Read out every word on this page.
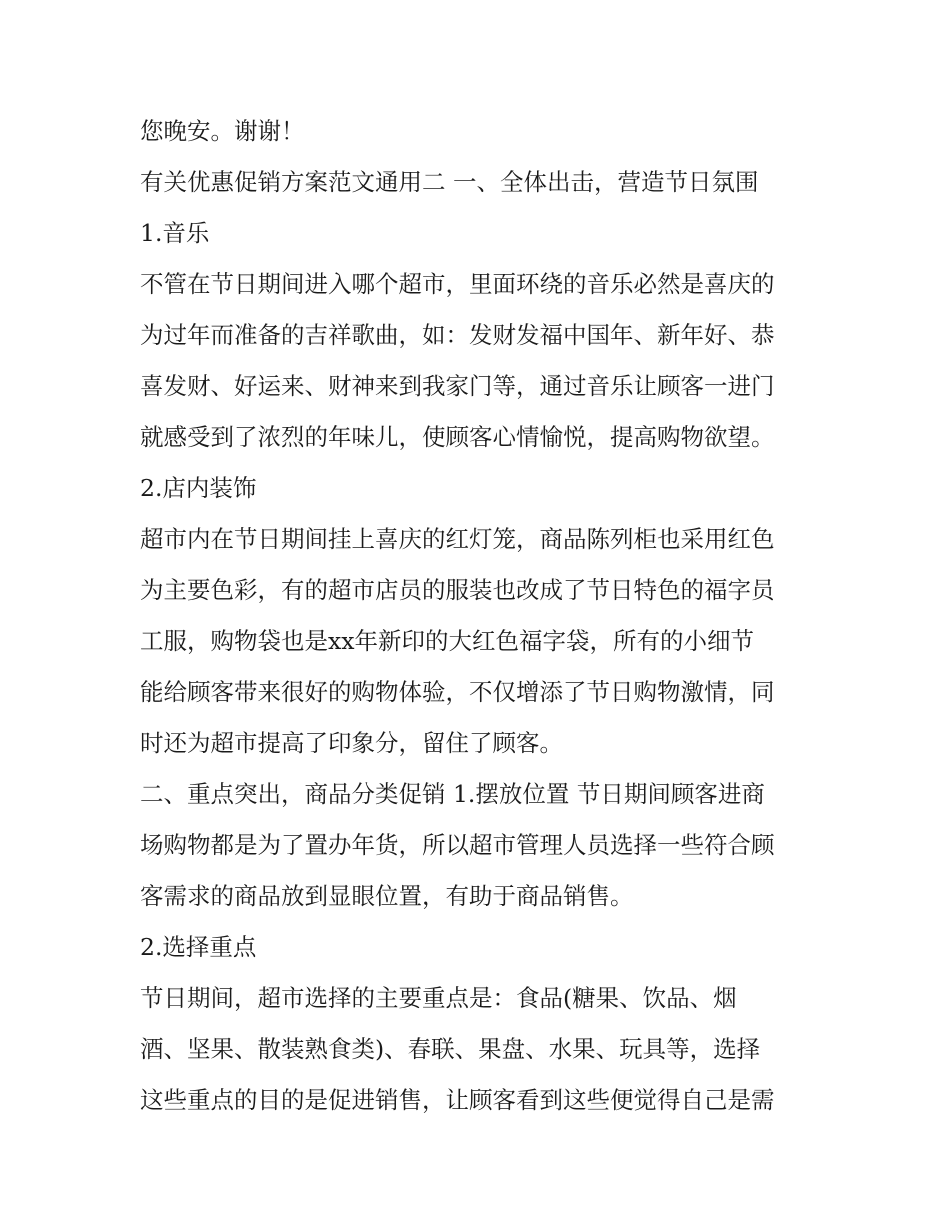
您晚安。谢谢！
有关优惠促销方案范文通用二 一、全体出击，营造节日氛围
1.音乐
不管在节日期间进入哪个超市，里面环绕的音乐必然是喜庆的
为过年而准备的吉祥歌曲，如：发财发福中国年、新年好、恭
喜发财、好运来、财神来到我家门等，通过音乐让顾客一进门
就感受到了浓烈的年味儿，使顾客心情愉悦，提高购物欲望。
2.店内装饰
超市内在节日期间挂上喜庆的红灯笼，商品陈列柜也采用红色
为主要色彩，有的超市店员的服装也改成了节日特色的福字员
工服，购物袋也是xx年新印的大红色福字袋，所有的小细节
能给顾客带来很好的购物体验，不仅增添了节日购物激情，同
时还为超市提高了印象分，留住了顾客。
二、重点突出，商品分类促销 1.摆放位置 节日期间顾客进商
场购物都是为了置办年货，所以超市管理人员选择一些符合顾
客需求的商品放到显眼位置，有助于商品销售。
2.选择重点
节日期间，超市选择的主要重点是：食品(糖果、饮品、烟
酒、坚果、散装熟食类)、春联、果盘、水果、玩具等，选择
这些重点的目的是促进销售，让顾客看到这些便觉得自己是需
